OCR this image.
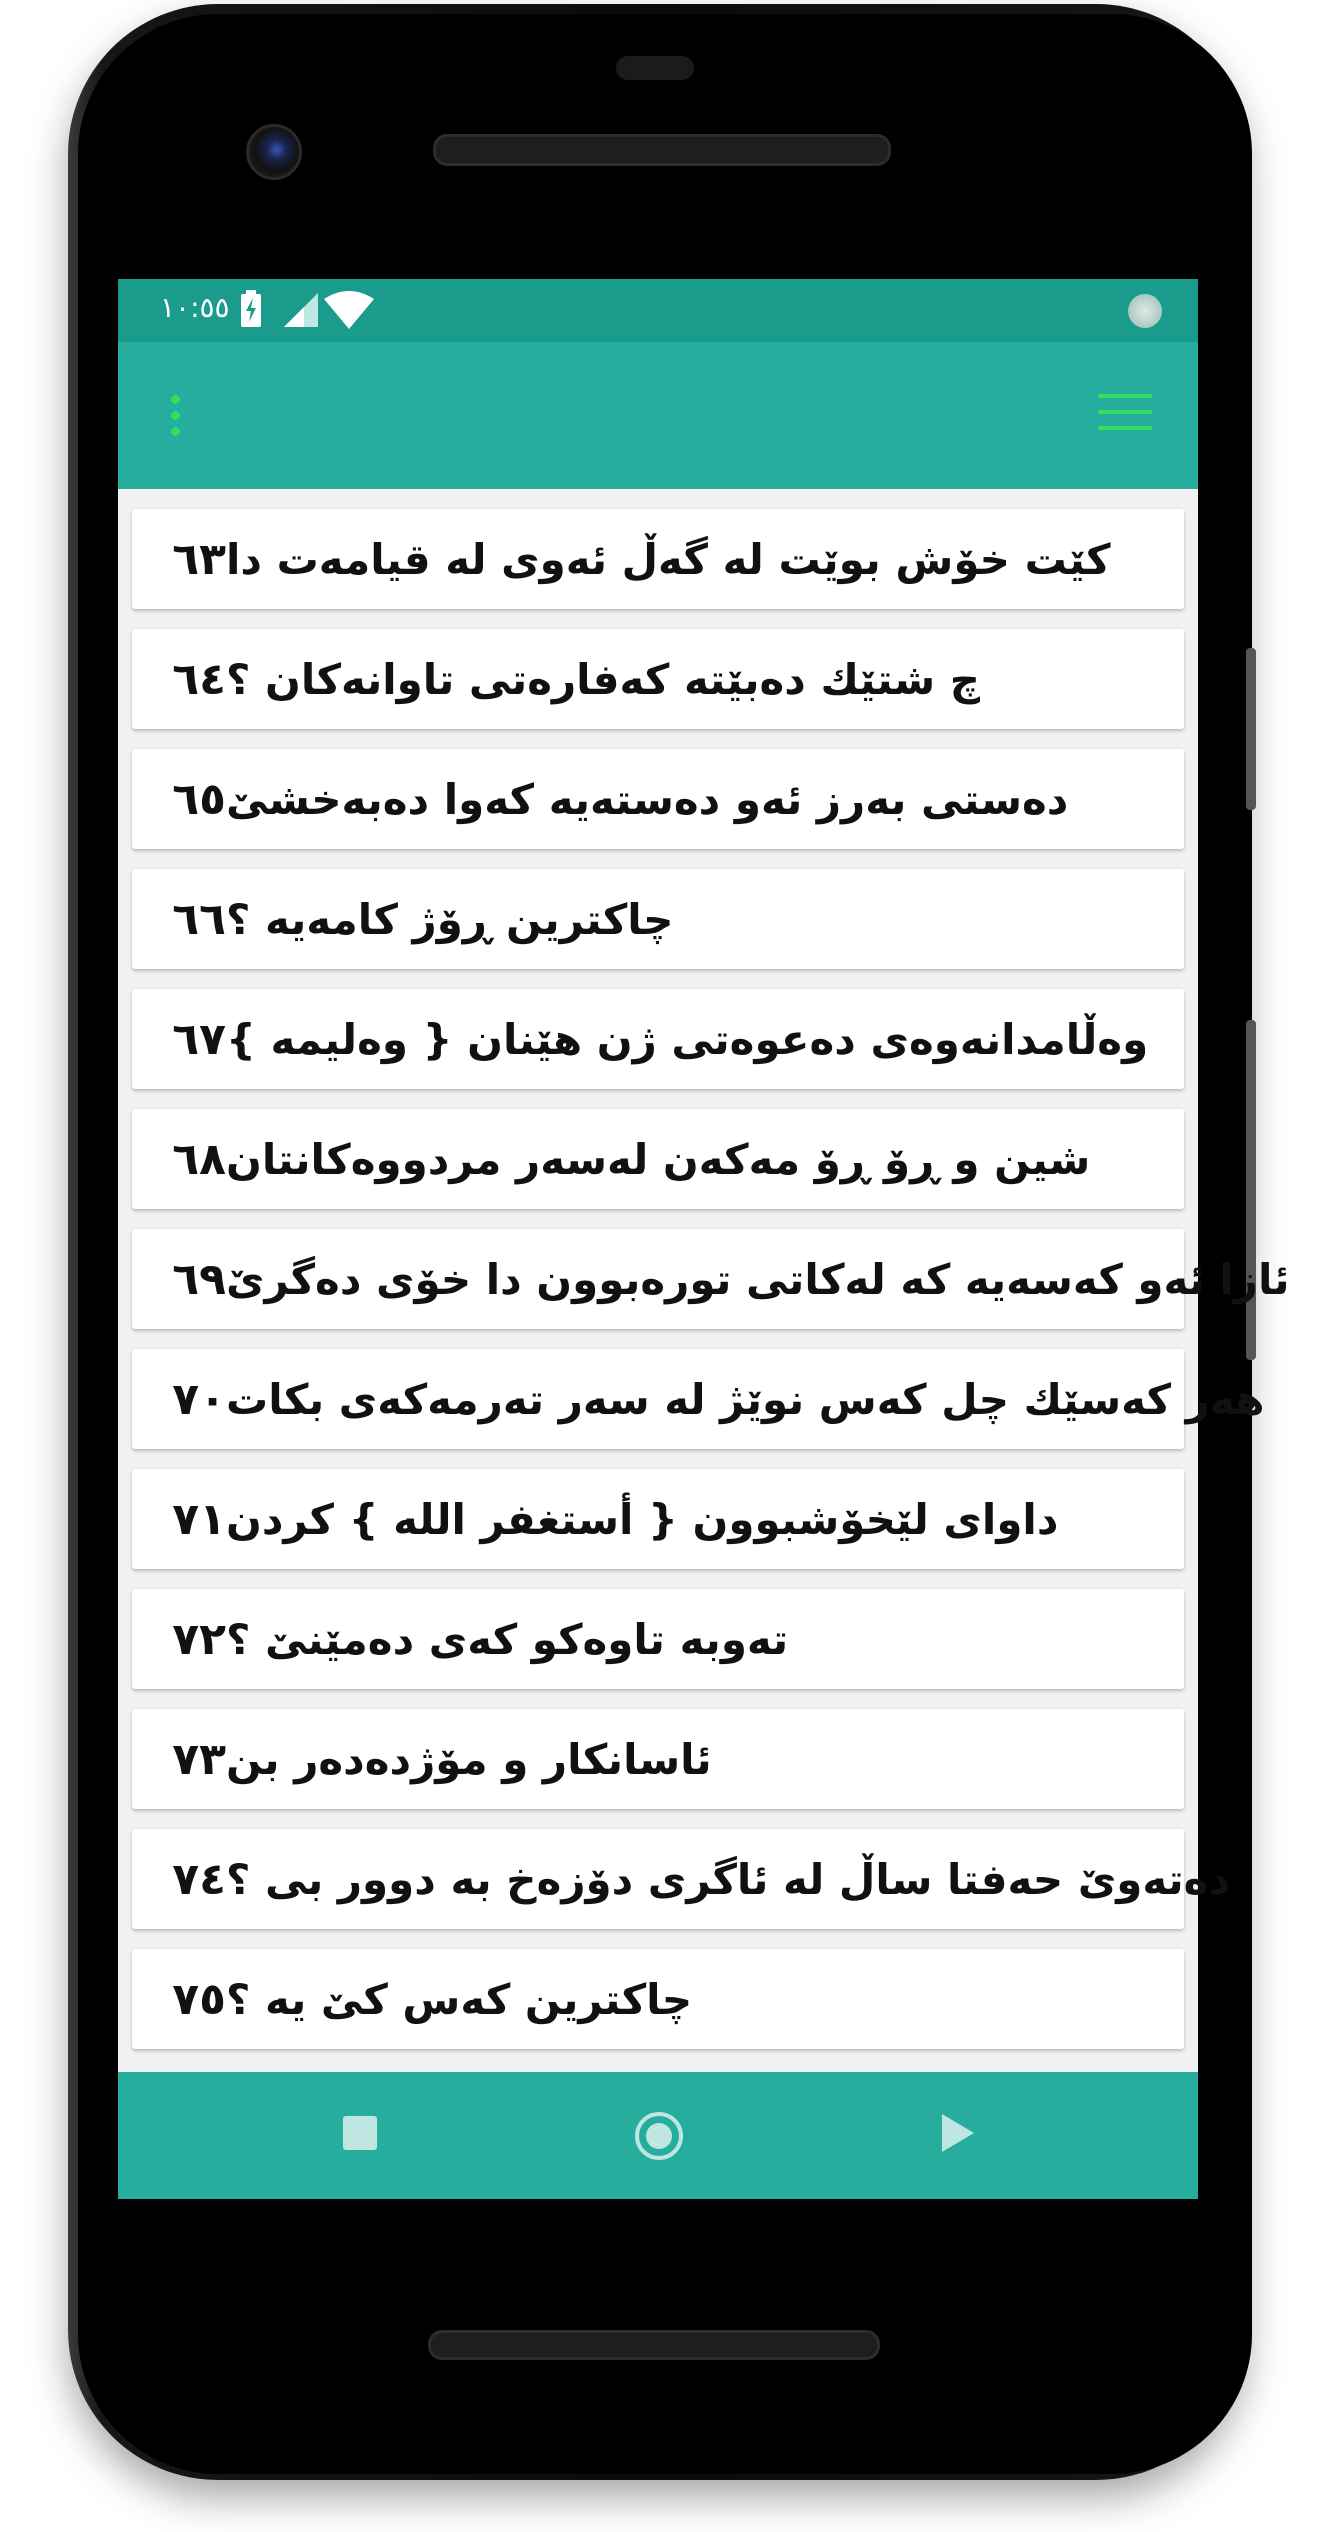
١٠:٥٥
٦٣ کێت خۆش بوێت لە گەڵ ئەوی لە قیامەت دا
٦٤ چ شتێك دەبێتە کەفارەتی تاوانەکان ؟
٦٥ دەستی بەرز ئەو دەستەیە کەوا دەبەخشێ
٦٦ چاکترین ڕۆژ کامەیە ؟
٦٧ وەڵامدانەوەی دەعوەتی ژن هێنان { وەلیمە }
٦٨ شین و ڕۆ ڕۆ مەکەن لەسەر مردووەکانتان
٦٩ ئازا ئەو کەسەیە کە لەکاتی تورەبوون دا خۆی دەگرێ
٧٠ هەر کەسێك چل کەس نوێژ لە سەر تەرمەکەی بکات
٧١ داوای لێخۆشبوون { أستغفر الله } کردن
٧٢ تەوبە تاوەکو کەی دەمێنێ ؟
٧٣ ئاسانکار و مۆژدەدەر بن
٧٤ دەتەوێ حەفتا ساڵ لە ئاگری دۆزەخ بە دوور بی ؟
٧٥ چاکترین کەس کێ یە ؟
